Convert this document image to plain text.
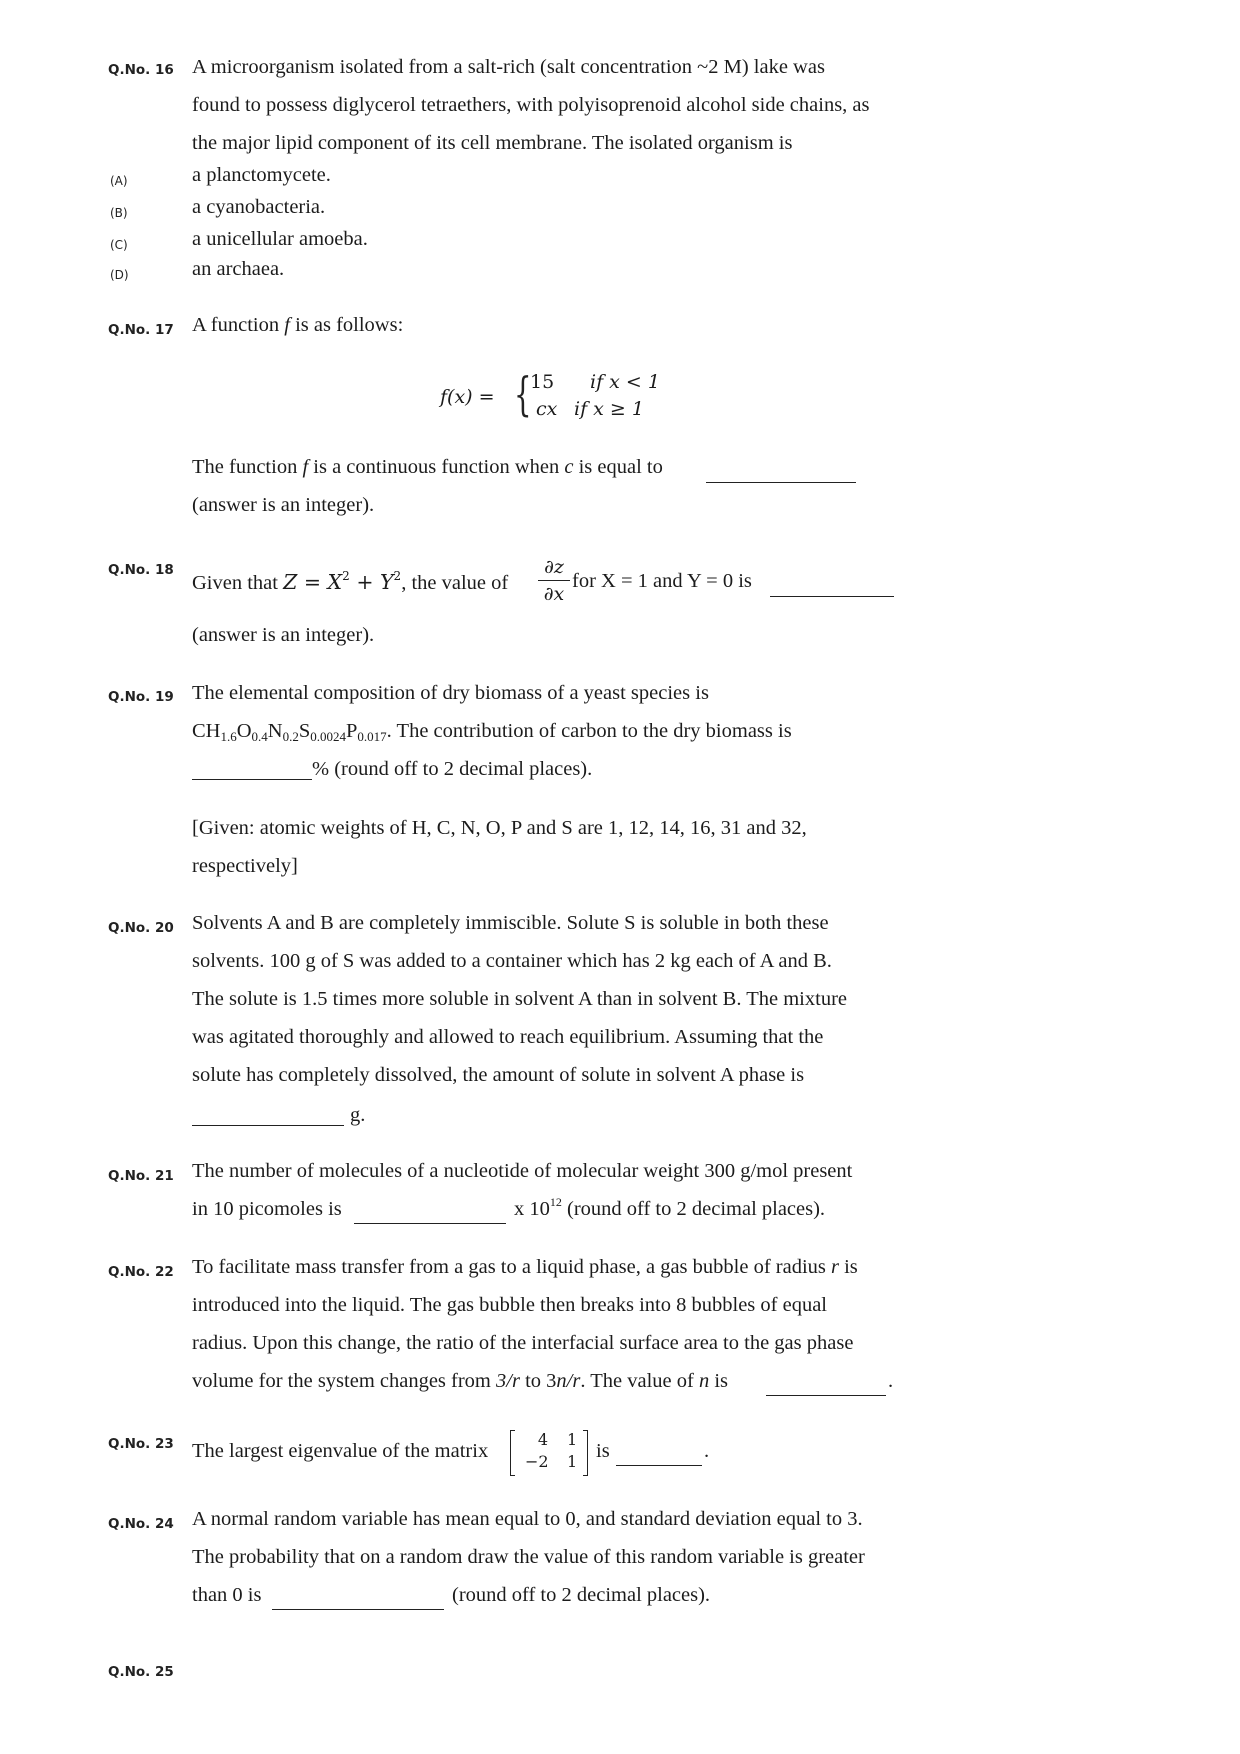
Q.No. 16 A microorganism isolated from a salt-rich (salt concentration ~2 M) lake was
found to possess diglycerol tetraethers, with polyisoprenoid alcohol side chains, as
the major lipid component of its cell membrane. The isolated organism is
(A)	a planctomycete.
(B)	a cyanobacteria.
(C)	a unicellular amoeba.
(D)	an archaea.
Q.No. 17 A function f is as follows:
f(x) = {
15 if x < 1
cx if x ≥ 1
The function f is a continuous function when c is equal to
(answer is an integer).
Q.No. 18
Given that $Z = X^2 + Y^2$, the value of
∂z
∂x
for X = 1 and Y = 0 is
(answer is an integer).
Q.No. 19 The elemental composition of dry biomass of a yeast species is
$CH_{1.6}O_{0.4}N_{0.2}S_{0.0024}P_{0.017}$. The contribution of carbon to the dry biomass is
% (round off to 2 decimal places).
[Given: atomic weights of H, C, N, O, P and S are 1, 12, 14, 16, 31 and 32,
respectively]
Q.No. 20 Solvents A and B are completely immiscible. Solute S is soluble in both these
solvents. 100 g of S was added to a container which has 2 kg each of A and B.
The solute is 1.5 times more soluble in solvent A than in solvent B. The mixture
was agitated thoroughly and allowed to reach equilibrium. Assuming that the
solute has completely dissolved, the amount of solute in solvent A phase is
g.
Q.No. 21 The number of molecules of a nucleotide of molecular weight 300 g/mol present
in 10 picomoles is	x $10^{12}$ (round off to 2 decimal places).
Q.No. 22 To facilitate mass transfer from a gas to a liquid phase, a gas bubble of radius r is
introduced into the liquid. The gas bubble then breaks into 8 bubbles of equal
radius. Upon this change, the ratio of the interfacial surface area to the gas phase
volume for the system changes from 3/r to 3n/r. The value of n is	.
Q.No. 23 The largest eigenvalue of the matrix
4	1
−2 1 is	.
Q.No. 24 A normal random variable has mean equal to 0, and standard deviation equal to 3.
The probability that on a random draw the value of this random variable is greater
than 0 is	(round off to 2 decimal places).
Q.No. 25
